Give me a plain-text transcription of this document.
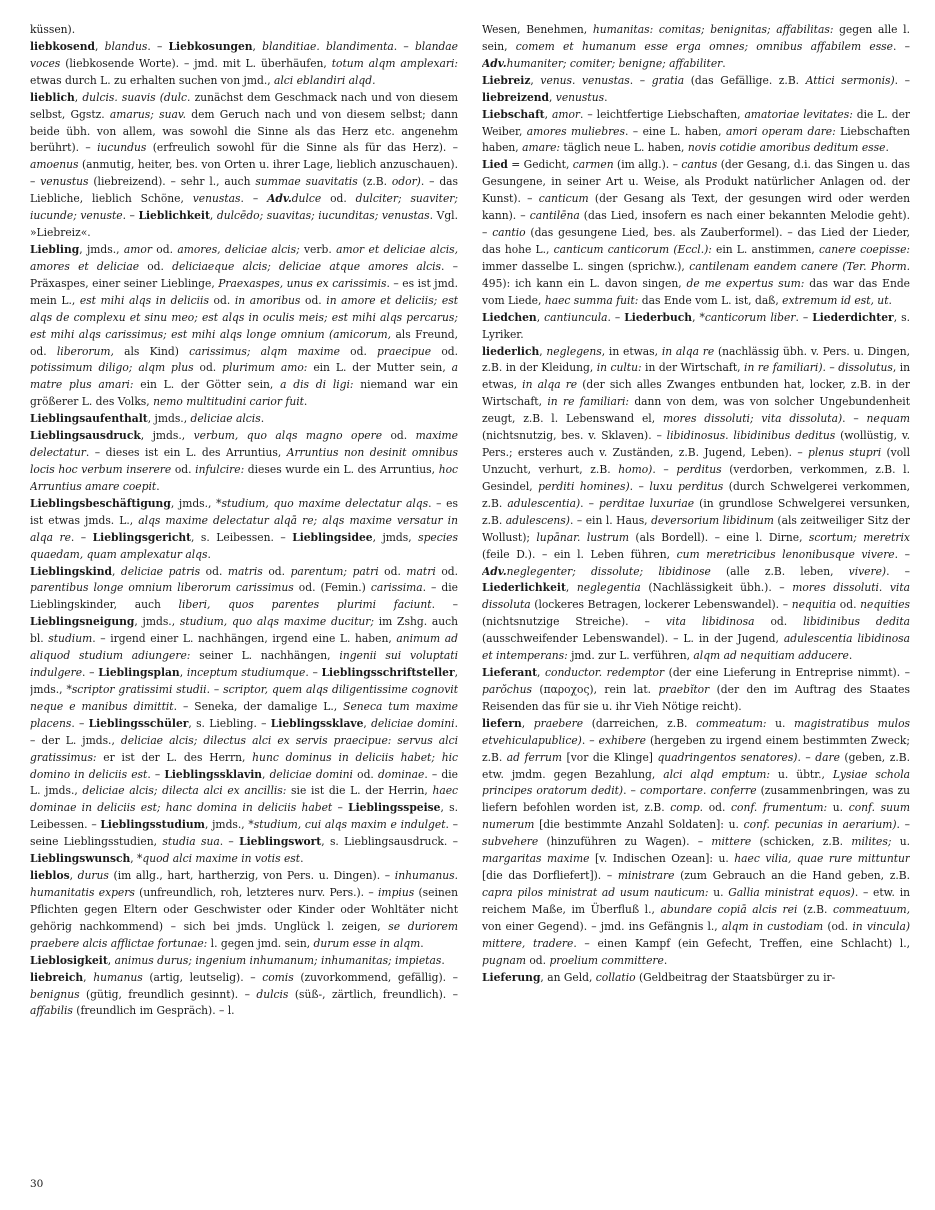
küssen).

liebkosend, blandus. – Liebkosungen, blanditiae. blandimenta. – blandae voces (liebkosende Worte). – jmd. mit L. überhäufen, totum alqm amplexari: etwas durch L. zu erhalten suchen von jmd., alci eblandiri alqd.

lieblich, dulcis. suavis (dulc. zunächst dem Geschmack nach und von diesem selbst, Ggstz. amarus; suav. dem Geruch nach und von diesem selbst; dann beide übh. von allem, was sowohl die Sinne als das Herz etc. angenehm berührt). – iucundus (erfreulich sowohl für die Sinne als für das Herz). – amoenus (anmutig, heiter, bes. von Orten u. ihrer Lage, lieblich anzuschauen). – venustus (liebreizend). – sehr l., auch summae suavitatis (z.B. odor). – das Liebliche, lieblich Schöne, venustas. – Adv.dulce od. dulciter; suaviter; iucunde; venuste. – Lieblichkeit, dulcēdo; suavitas; iucunditas; venustas. Vgl. »Liebreiz«.

Liebling, jmds., amor od. amores, deliciae alcis; verb. amor et deliciae alcis, amores et deliciae od. deliciaeque alcis; deliciae atque amores alcis. – Präxaspes, einer seiner Lieblinge, Praexaspes, unus ex carissimis. – es ist jmd. mein L., est mihi alqs in deliciis od. in amoribus od. in amore et deliciis; est alqs de complexu et sinu meo; est alqs in oculis meis; est mihi alqs percarus; est mihi alqs carissimus; est mihi alqs longe omnium (amicorum, als Freund, od. liberorum, als Kind) carissimus; alqm maxime od. praecipue od. potissimum diligo; alqm plus od. plurimum amo: ein L. der Mutter sein, a matre plus amari: ein L. der Götter sein, a dis di ligi: niemand war ein größerer L. des Volks, nemo multitudini carior fuit.

Lieblingsaufenthalt, jmds., deliciae alcis.

Lieblingsausdruck, jmds., verbum, quo alqs magno opere od. maxime delectatur. – dieses ist ein L. des Arruntius, Arruntius non desinit omnibus locis hoc verbum inserere od. infulcire: dieses wurde ein L. des Arruntius, hoc Arruntius amare coepit.

Lieblingsbeschäftigung, jmds., *studium, quo maxime delectatur alqs. – es ist etwas jmds. L., alqs maxime delectatur alqā re; alqs maxime versatur in alqa re. – Lieblingsgericht, s. Leibessen. – Lieblingsidee, jmds, species quaedam, quam amplexatur alqs.

Lieblingskind, deliciae patris od. matris od. parentum; patri od. matri od. parentibus longe omnium liberorum carissimus od. (Femin.) carissima. – die Lieblingskinder, auch liberi, quos parentes plurimi faciunt. – Lieblingsneigung, jmds., studium, quo alqs maxime ducitur; im Zshg. auch bl. studium. – irgend einer L. nachhängen, irgend eine L. haben, animum ad aliquod studium adiungere: seiner L. nachhängen, ingenii sui voluptati indulgere. – Lieblingsplan, inceptum studiumque. – Lieblingsschriftsteller, jmds., *scriptor gratissimi studii. – scriptor, quem alqs diligentissime cognovit neque e manibus dimittit. – Seneka, der damalige L., Seneca tum maxime placens. – Lieblingsschüler, s. Liebling. – Lieblingssklave, deliciae domini. – der L. jmds., deliciae alcis; dilectus alci ex servis praecipue: servus alci gratissimus: er ist der L. des Herrn, hunc dominus in deliciis habet; hic domino in deliciis est. – Lieblingssklavin, deliciae domini od. dominae. – die L. jmds., deliciae alcis; dilecta alci ex ancillis: sie ist die L. der Herrin, haec dominae in deliciis est; hanc domina in deliciis habet – Lieblingsspeise, s. Leibessen. – Lieblingsstudium, jmds., *studium, cui alqs maxim e indulget. – seine Lieblingsstudien, studia sua. – Lieblingswort, s. Lieblingsausdruck. – Lieblingswunsch, *quod alci maxime in votis est.

lieblos, durus (im allg., hart, hartherzig, von Pers. u. Dingen). – inhumanus. humanitatis expers (unfreundlich, roh, letzteres nurv. Pers.). – impius (seinen Pflichten gegen Eltern oder Geschwister oder Kinder oder Wohltäter nicht gehörig nachkommend) – sich bei jmds. Unglück l. zeigen, se duriorem praebere alcis afflictae fortunae: l. gegen jmd. sein, durum esse in alqm.

Lieblosigkeit, animus durus; ingenium inhumanum; inhumanitas; impietas.

liebreich, humanus (artig, leutselig). – comis (zuvorkommend, gefällig). – benignus (gütig, freundlich gesinnt). – dulcis (süß-, zärtlich, freundlich). – affabilis (freundlich im Gespräch). – l.

Wesen, Benehmen, humanitas: comitas; benignitas; affabilitas: gegen alle l. sein, comem et humanum esse erga omnes; omnibus affabilem esse. – Adv.humaniter; comiter; benigne; affabiliter.

Liebreiz, venus. venustas. – gratia (das Gefällige. z.B. Attici sermonis). – liebreizend, venustus.

Liebschaft, amor. – leichtfertige Liebschaften, amatoriae levitates: die L. der Weiber, amores muliebres. – eine L. haben, amori operam dare: Liebschaften haben, amare: täglich neue L. haben, novis cotidie amoribus deditum esse.

Lied = Gedicht, carmen (im allg.). – cantus (der Gesang, d.i. das Singen u. das Gesungene, in seiner Art u. Weise, als Produkt natürlicher Anlagen od. der Kunst). – canticum (der Gesang als Text, der gesungen wird oder werden kann). – cantilēna (das Lied, insofern es nach einer bekannten Melodie geht). – cantio (das gesungene Lied, bes. als Zauberformel). – das Lied der Lieder, das hohe L., canticum canticorum (Eccl.): ein L. anstimmen, canere coepisse: immer dasselbe L. singen (sprichw.), cantilenam eandem canere (Ter. Phorm. 495): ich kann ein L. davon singen, de me expertus sum: das war das Ende vom Liede, haec summa fuit: das Ende vom L. ist, daß, extremum id est, ut.

Liedchen, cantiuncula. – Liederbuch, *canticorum liber. – Liederdichter, s. Lyriker.

liederlich, neglegens, in etwas, in alqa re (nachlässig übh. v. Pers. u. Dingen, z.B. in der Kleidung, in cultu: in der Wirtschaft, in re familiari). – dissolutus, in etwas, in alqa re (der sich alles Zwanges entbunden hat, locker, z.B. in der Wirtschaft, in re familiari: dann von dem, was von solcher Ungebundenheit zeugt, z.B. l. Lebenswand el, mores dissoluti; vita dissoluta). – nequam (nichtsnutzig, bes. v. Sklaven). – libidinosus. libidinibus deditus (wollüstig, v. Pers.; ersteres auch v. Zuständen, z.B. Jugend, Leben). – plenus stupri (voll Unzucht, verhurt, z.B. homo). – perditus (verdorben, verkommen, z.B. l. Gesindel, perditi homines). – luxu perditus (durch Schwelgerei verkommen, z.B. adulescentia). – perditae luxuriae (in grundlose Schwelgerei versunken, z.B. adulescens). – ein l. Haus, deversorium libidinum (als zeitweiliger Sitz der Wollust); lupānar. lustrum (als Bordell). – eine l. Dirne, scortum; meretrix (feile D.). – ein l. Leben führen, cum meretricibus lenonibusque vivere. – Adv.neglegenter; dissolute; libidinose (alle z.B. leben, vivere). – Liederlichkeit, neglegentia (Nachlässigkeit übh.). – mores dissoluti. vita dissoluta (lockeres Betragen, lockerer Lebenswandel). – nequitia od. nequities (nichtsnutzige Streiche). – vita libidinosa od. libidinibus dedita (ausschweifender Lebenswandel). – L. in der Jugend, adulescentia libidinosa et intemperans: jmd. zur L. verführen, alqm ad nequitiam adducere.

Lieferant, conductor. redemptor (der eine Lieferung in Entreprise nimmt). – parŏchus (παροχος), rein lat. praebĭtor (der den im Auftrag des Staates Reisenden das für sie u. ihr Vieh Nötige reicht).

liefern, praebere (darreichen, z.B. commeatum: u. magistratibus mulos etvehiculapublice). – exhibere (hergeben zu irgend einem bestimmten Zweck; z.B. ad ferrum [vor die Klinge] quadringentos senatores). – dare (geben, z.B. etw. jmdm. gegen Bezahlung, alci alqd emptum: u. übtr., Lysiae schola principes oratorum dedit). – comportare. conferre (zusammenbringen, was zu liefern befohlen worden ist, z.B. comp. od. conf. frumentum: u. conf. suum numerum [die bestimmte Anzahl Soldaten]: u. conf. pecunias in aerarium). – subvehere (hinzuführen zu Wagen). – mittere (schicken, z.B. milites; u. margaritas maxime [v. Indischen Ozean]: u. haec vilia, quae rure mittuntur [die das Dorfliefert]). – ministrare (zum Gebrauch an die Hand geben, z.B. capra pilos ministrat ad usum nauticum: u. Gallia ministrat equos). – etw. in reichem Maße, im Überfluß l., abundare copiā alcis rei (z.B. commeatuum, von einer Gegend). – jmd. ins Gefängnis l., alqm in custodiam (od. in vincula) mittere, tradere. – einen Kampf (ein Gefecht, Treffen, eine Schlacht) l., pugnam od. proelium committere.

Lieferung, an Geld, collatio (Geldbeitrag der Staatsbürger zu ir-

30
